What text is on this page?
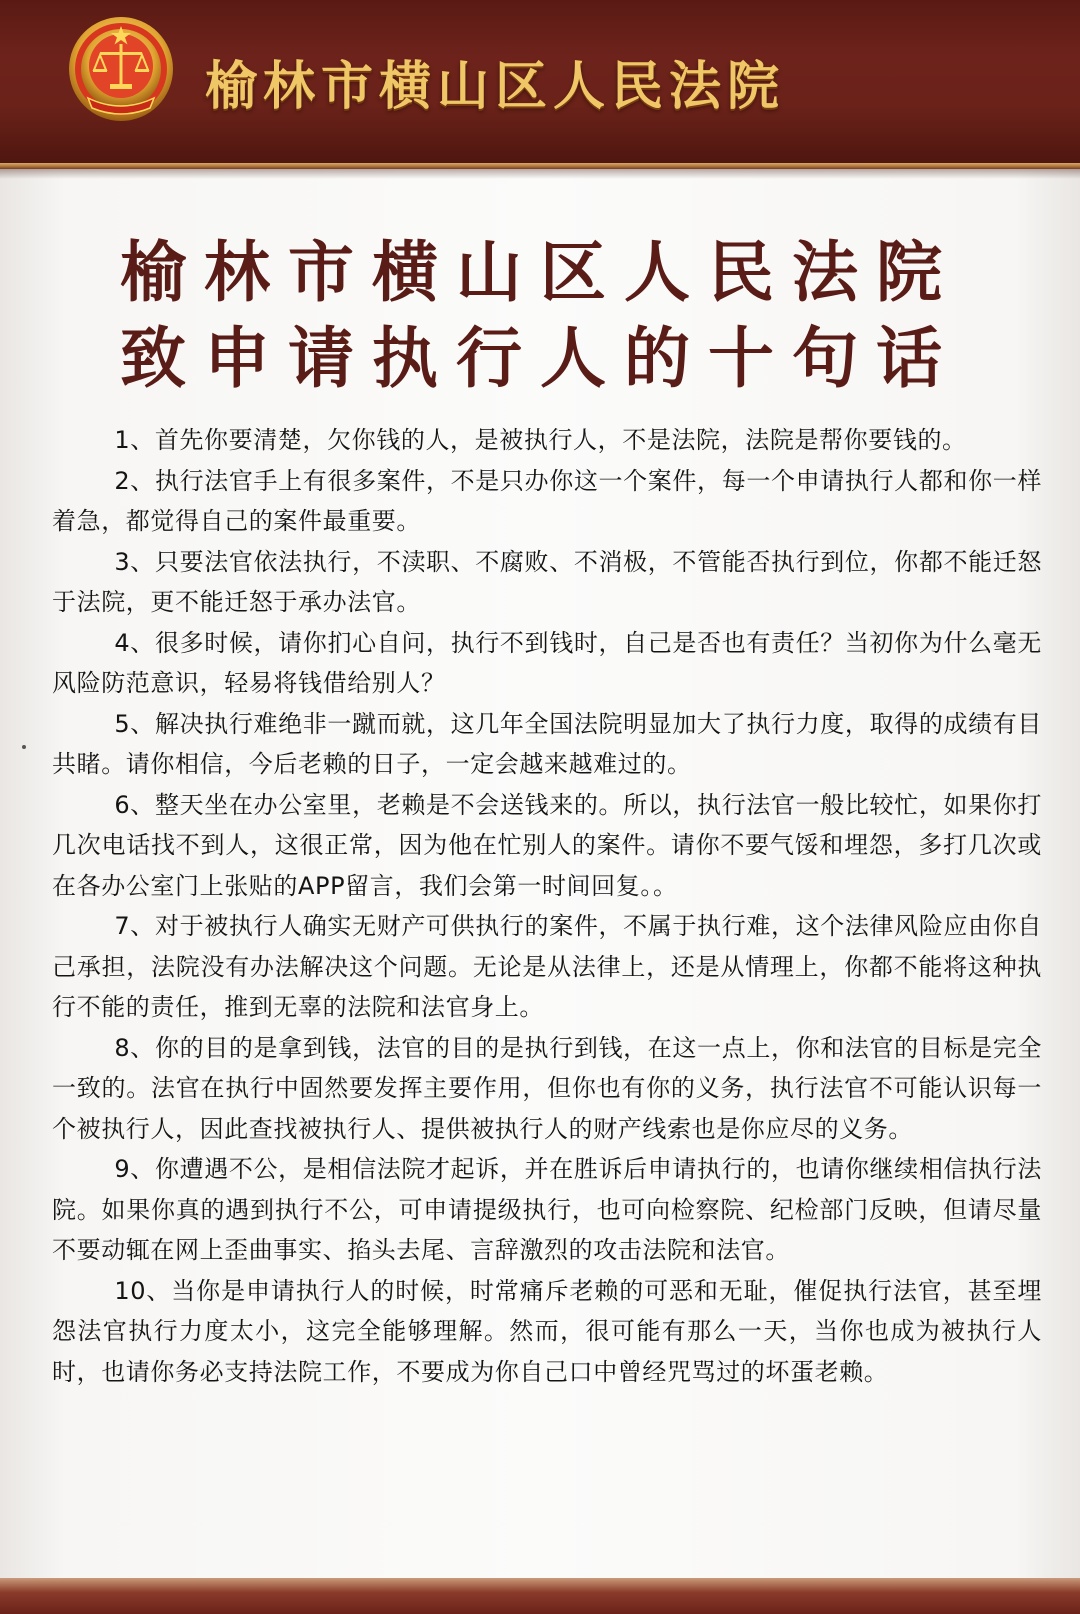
榆林市横山区人民法院
榆林市横山区人民法院
致申请执行人的十句话

1、首先你要清楚，欠你钱的人，是被执行人，不是法院，法院是帮你要钱的。

2、执行法官手上有很多案件，不是只办你这一个案件，每一个申请执行人都和你一样着急，都觉得自己的案件最重要。

3、只要法官依法执行，不渎职、不腐败、不消极，不管能否执行到位，你都不能迁怒于法院，更不能迁怒于承办法官。

4、很多时候，请你扪心自问，执行不到钱时，自己是否也有责任？当初你为什么毫无风险防范意识，轻易将钱借给别人？

5、解决执行难绝非一蹴而就，这几年全国法院明显加大了执行力度，取得的成绩有目共睹。请你相信，今后老赖的日子，一定会越来越难过的。

6、整天坐在办公室里，老赖是不会送钱来的。所以，执行法官一般比较忙，如果你打几次电话找不到人，这很正常，因为他在忙别人的案件。请你不要气馁和埋怨，多打几次或在各办公室门上张贴的APP留言，我们会第一时间回复。。

7、对于被执行人确实无财产可供执行的案件，不属于执行难，这个法律风险应由你自己承担，法院没有办法解决这个问题。无论是从法律上，还是从情理上，你都不能将这种执行不能的责任，推到无辜的法院和法官身上。

8、你的目的是拿到钱，法官的目的是执行到钱，在这一点上，你和法官的目标是完全一致的。法官在执行中固然要发挥主要作用，但你也有你的义务，执行法官不可能认识每一个被执行人，因此查找被执行人、提供被执行人的财产线索也是你应尽的义务。

9、你遭遇不公，是相信法院才起诉，并在胜诉后申请执行的，也请你继续相信执行法院。如果你真的遇到执行不公，可申请提级执行，也可向检察院、纪检部门反映，但请尽量不要动辄在网上歪曲事实、掐头去尾、言辞激烈的攻击法院和法官。

10、当你是申请执行人的时候，时常痛斥老赖的可恶和无耻，催促执行法官，甚至埋怨法官执行力度太小，这完全能够理解。然而，很可能有那么一天，当你也成为被执行人时，也请你务必支持法院工作，不要成为你自己口中曾经咒骂过的坏蛋老赖。
